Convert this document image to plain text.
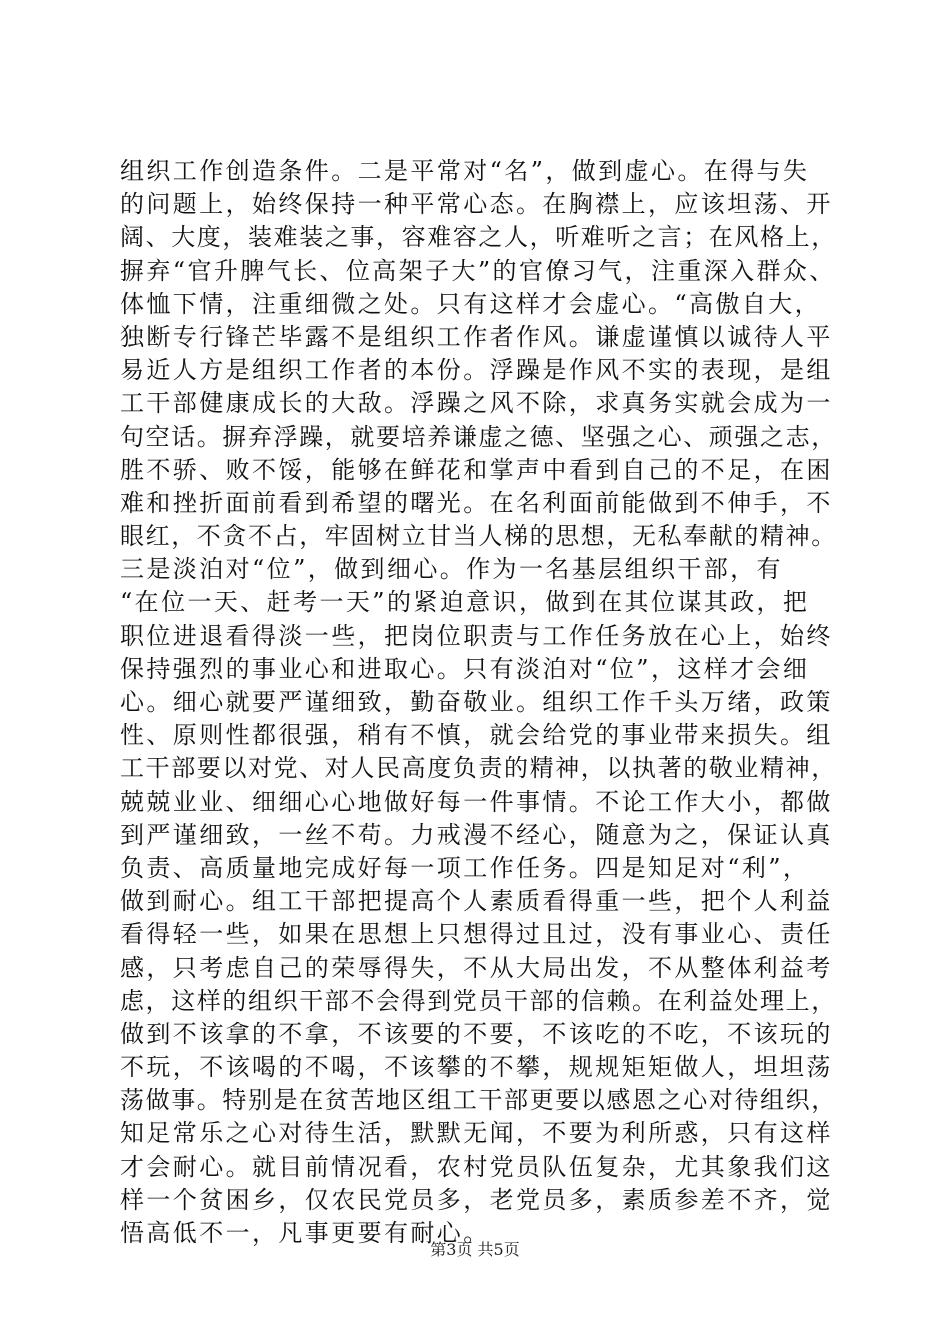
组织工作创造条件。二是平常对“名”，做到虚心。在得与失
的问题上，始终保持一种平常心态。在胸襟上，应该坦荡、开
阔、大度，装难装之事，容难容之人，听难听之言；在风格上，
摒弃“官升脾气长、位高架子大”的官僚习气，注重深入群众、
体恤下情，注重细微之处。只有这样才会虚心。“高傲自大，
独断专行锋芒毕露不是组织工作者作风。谦虚谨慎以诚待人平
易近人方是组织工作者的本份。浮躁是作风不实的表现，是组
工干部健康成长的大敌。浮躁之风不除，求真务实就会成为一
句空话。摒弃浮躁，就要培养谦虚之德、坚强之心、顽强之志，
胜不骄、败不馁，能够在鲜花和掌声中看到自己的不足，在困
难和挫折面前看到希望的曙光。在名利面前能做到不伸手，不
眼红，不贪不占，牢固树立甘当人梯的思想，无私奉献的精神。
三是淡泊对“位”，做到细心。作为一名基层组织干部，有
“在位一天、赶考一天”的紧迫意识，做到在其位谋其政，把
职位进退看得淡一些，把岗位职责与工作任务放在心上，始终
保持强烈的事业心和进取心。只有淡泊对“位”，这样才会细
心。细心就要严谨细致，勤奋敬业。组织工作千头万绪，政策
性、原则性都很强，稍有不慎，就会给党的事业带来损失。组
工干部要以对党、对人民高度负责的精神，以执著的敬业精神，
兢兢业业、细细心心地做好每一件事情。不论工作大小，都做
到严谨细致，一丝不苟。力戒漫不经心，随意为之，保证认真
负责、高质量地完成好每一项工作任务。四是知足对“利”，
做到耐心。组工干部把提高个人素质看得重一些，把个人利益
看得轻一些，如果在思想上只想得过且过，没有事业心、责任
感，只考虑自己的荣辱得失，不从大局出发，不从整体利益考
虑，这样的组织干部不会得到党员干部的信赖。在利益处理上，
做到不该拿的不拿，不该要的不要，不该吃的不吃，不该玩的
不玩，不该喝的不喝，不该攀的不攀，规规矩矩做人，坦坦荡
荡做事。特别是在贫苦地区组工干部更要以感恩之心对待组织，
知足常乐之心对待生活，默默无闻，不要为利所惑，只有这样
才会耐心。就目前情况看，农村党员队伍复杂，尤其象我们这
样一个贫困乡，仅农民党员多，老党员多，素质参差不齐，觉
悟高低不一，凡事更要有耐心。
第3页 共5页
